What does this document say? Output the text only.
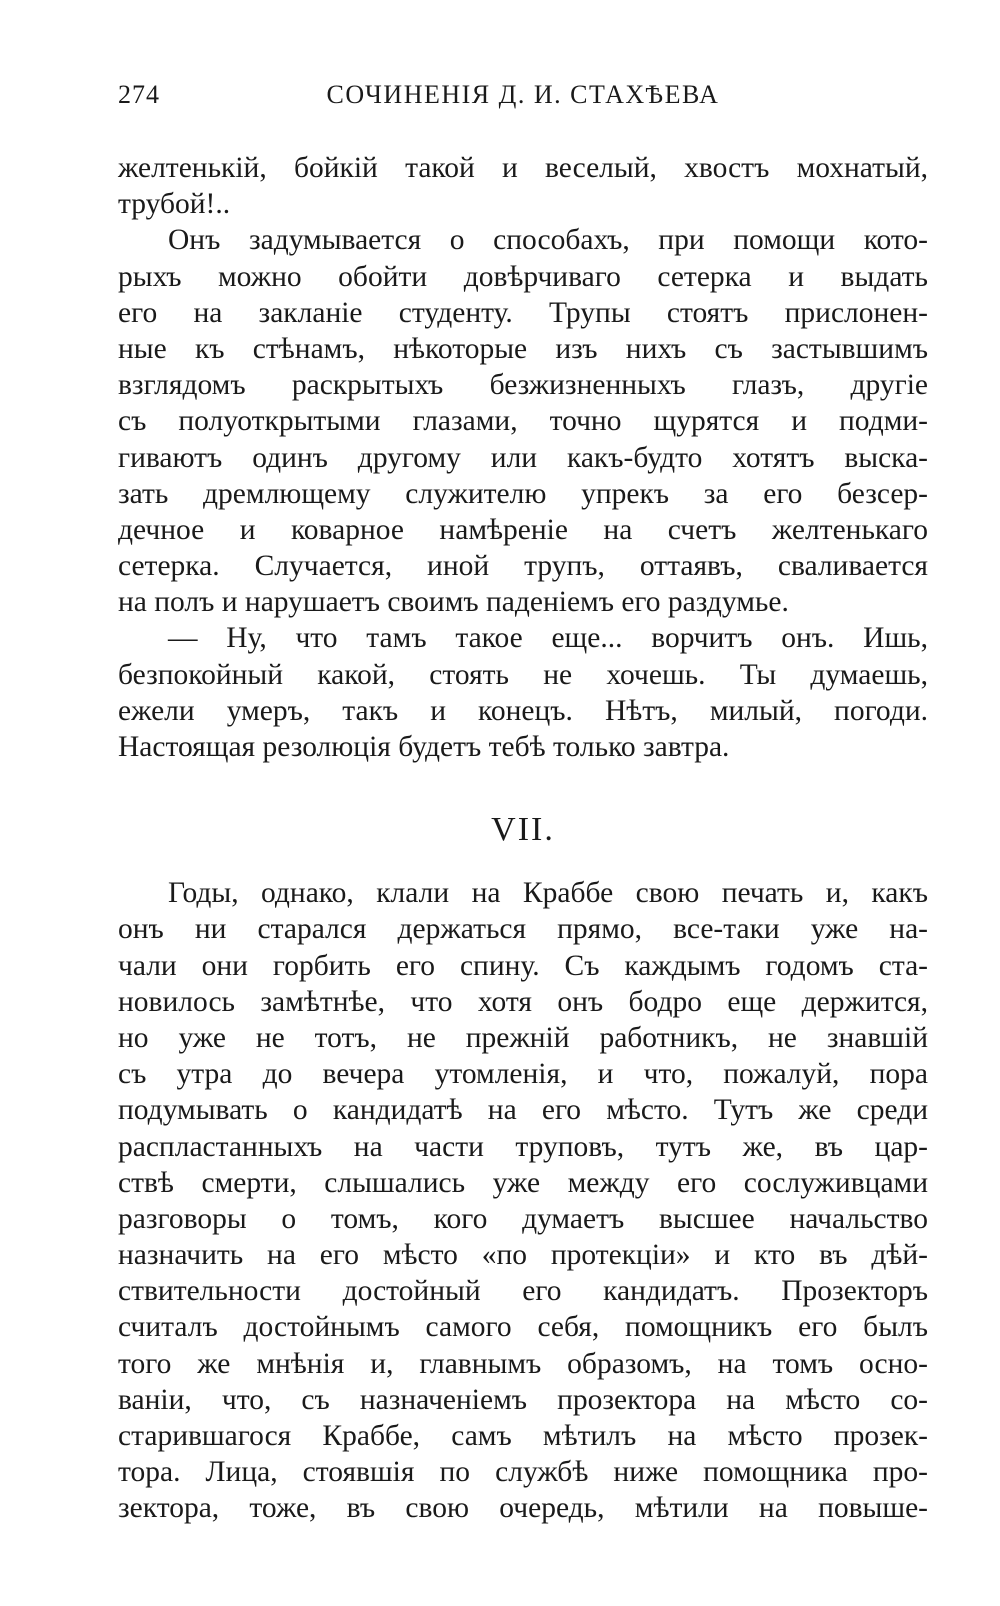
274	СОЧИНЕНІЯ Д. И. СТАХѢЕВА
желтенькій, бойкій такой и веселый, хвостъ мохнатый,
трубой!..
Онъ задумывается о способахъ, при помощи кото-
рыхъ можно обойти довѣрчиваго сетерка и выдать
его на закланіе студенту. Трупы стоятъ прислонен-
ные къ стѣнамъ, нѣкоторые изъ нихъ съ застывшимъ
взглядомъ раскрытыхъ безжизненныхъ глазъ, другіе
съ полуоткрытыми глазами, точно щурятся и подми-
гиваютъ одинъ другому или какъ-будто хотятъ выска-
зать дремлющему служителю упрекъ за его безсер-
дечное и коварное намѣреніе на счетъ желтенькаго
сетерка. Случается, иной трупъ, оттаявъ, сваливается
на полъ и нарушаетъ своимъ паденіемъ его раздумье.
— Ну, что тамъ такое еще... ворчитъ онъ. Ишь,
безпокойный какой, стоять не хочешь. Ты думаешь,
ежели умеръ, такъ и конецъ. Нѣтъ, милый, погоди.
Настоящая резолюція будетъ тебѣ только завтра.
VII.
Годы, однако, клали на Краббе свою печать и, какъ
онъ ни старался держаться прямо, все-таки уже на-
чали они горбить его спину. Съ каждымъ годомъ ста-
новилось замѣтнѣе, что хотя онъ бодро еще держится,
но уже не тотъ, не прежній работникъ, не знавшій
съ утра до вечера утомленія, и что, пожалуй, пора
подумывать о кандидатѣ на его мѣсто. Тутъ же среди
распластанныхъ на части труповъ, тутъ же, въ цар-
ствѣ смерти, слышались уже между его сослуживцами
разговоры о томъ, кого думаетъ высшее начальство
назначить на его мѣсто «по протекціи» и кто въ дѣй-
ствительности достойный его кандидатъ. Прозекторъ
считалъ достойнымъ самого себя, помощникъ его былъ
того же мнѣнія и, главнымъ образомъ, на томъ осно-
ваніи, что, съ назначеніемъ прозектора на мѣсто со-
старившагося Краббе, самъ мѣтилъ на мѣсто прозек-
тора. Лица, стоявшія по службѣ ниже помощника про-
зектора, тоже, въ свою очередь, мѣтили на повыше-
